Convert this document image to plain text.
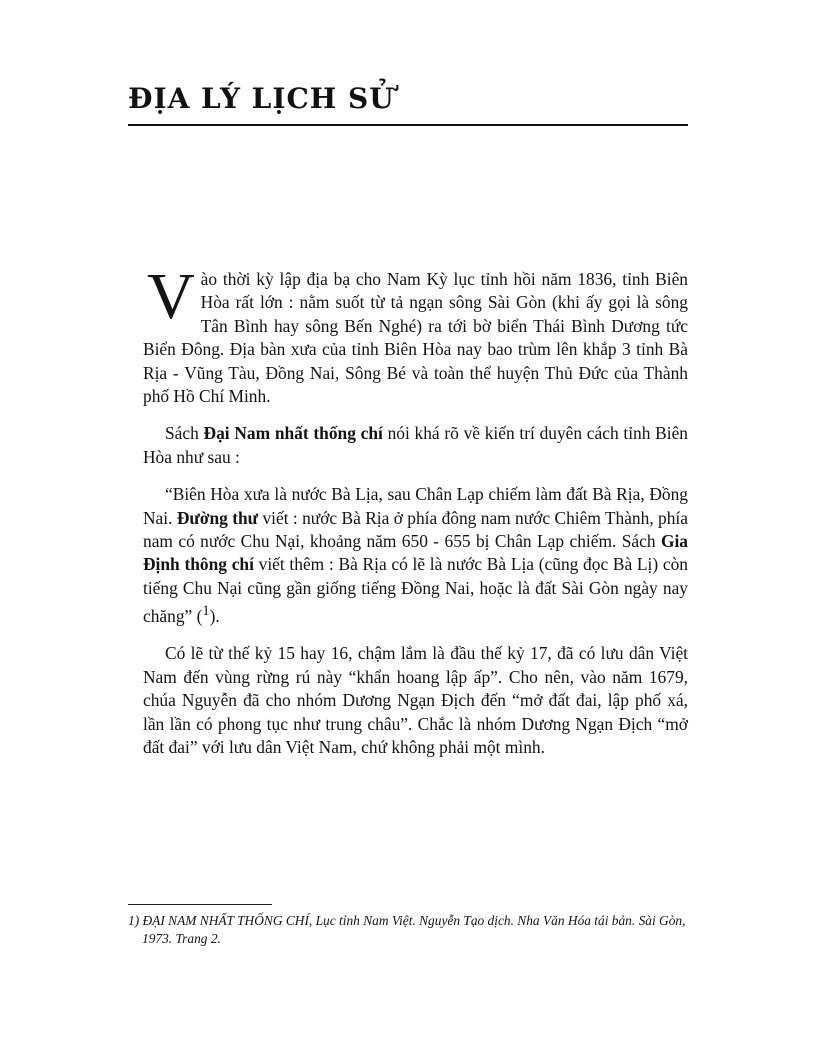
ĐỊA LÝ LỊCH SỬ

Vào thời kỳ lập địa bạ cho Nam Kỳ lục tỉnh hồi năm 1836, tỉnh Biên Hòa rất lớn : nằm suốt từ tả ngạn sông Sài Gòn (khi ấy gọi là sông Tân Bình hay sông Bến Nghé) ra tới bờ biển Thái Bình Dương tức Biển Đông. Địa bàn xưa của tỉnh Biên Hòa nay bao trùm lên khắp 3 tỉnh Bà Rịa - Vũng Tàu, Đồng Nai, Sông Bé và toàn thể huyện Thủ Đức của Thành phố Hồ Chí Minh.

Sách Đại Nam nhất thống chí nói khá rõ về kiến trí duyên cách tỉnh Biên Hòa như sau :

“Biên Hòa xưa là nước Bà Lịa, sau Chân Lạp chiếm làm đất Bà Rịa, Đồng Nai. Đường thư viết : nước Bà Rịa ở phía đông nam nước Chiêm Thành, phía nam có nước Chu Nại, khoảng năm 650 - 655 bị Chân Lạp chiếm. Sách Gia Định thông chí viết thêm : Bà Rịa có lẽ là nước Bà Lịa (cũng đọc Bà Lị) còn tiếng Chu Nại cũng gần giống tiếng Đồng Nai, hoặc là đất Sài Gòn ngày nay chăng” ($^1$).

Có lẽ từ thế kỷ 15 hay 16, chậm lắm là đầu thế kỷ 17, đã có lưu dân Việt Nam đến vùng rừng rú này “khẩn hoang lập ấp”. Cho nên, vào năm 1679, chúa Nguyễn đã cho nhóm Dương Ngạn Địch đến “mở đất đai, lập phố xá, lần lần có phong tục như trung châu”. Chắc là nhóm Dương Ngạn Địch “mở đất đai” với lưu dân Việt Nam, chứ không phải một mình.

1) ĐẠI NAM NHẤT THỐNG CHÍ, Lục tỉnh Nam Việt. Nguyễn Tạo dịch. Nha Văn Hóa tái bản. Sài Gòn, 1973. Trang 2.
